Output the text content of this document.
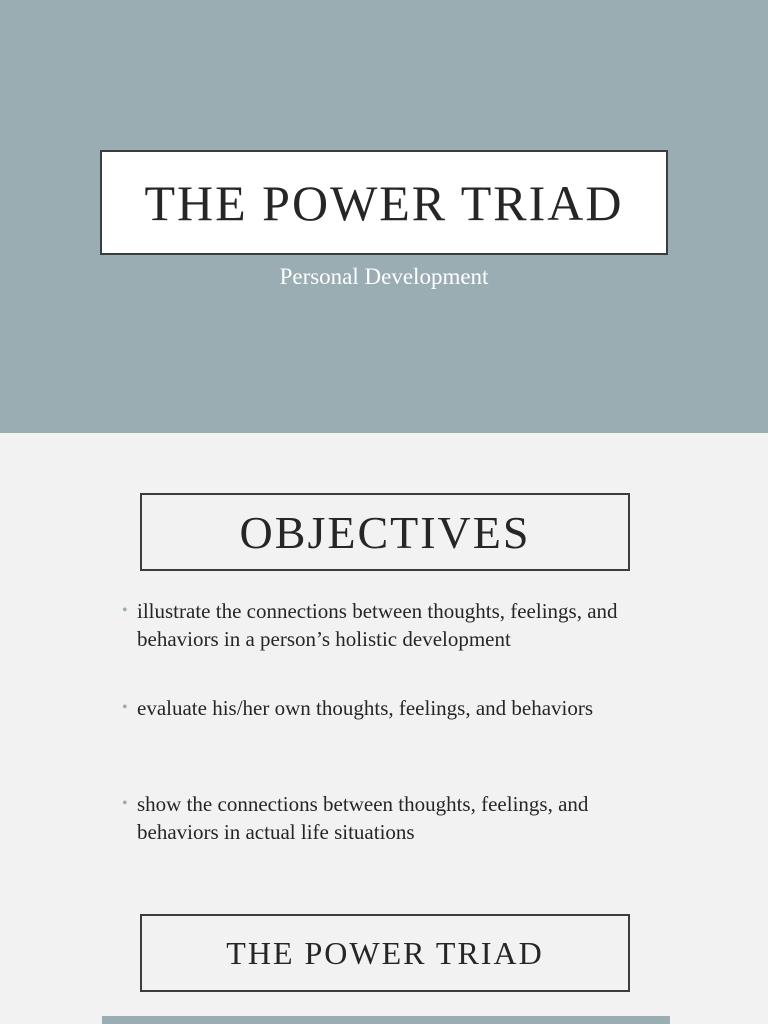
THE POWER TRIAD
Personal Development
OBJECTIVES
• illustrate the connections between thoughts, feelings, and behaviors in a person’s holistic development
• evaluate his/her own thoughts, feelings, and behaviors
• show the connections between thoughts, feelings, and behaviors in actual life situations
THE POWER TRIAD
